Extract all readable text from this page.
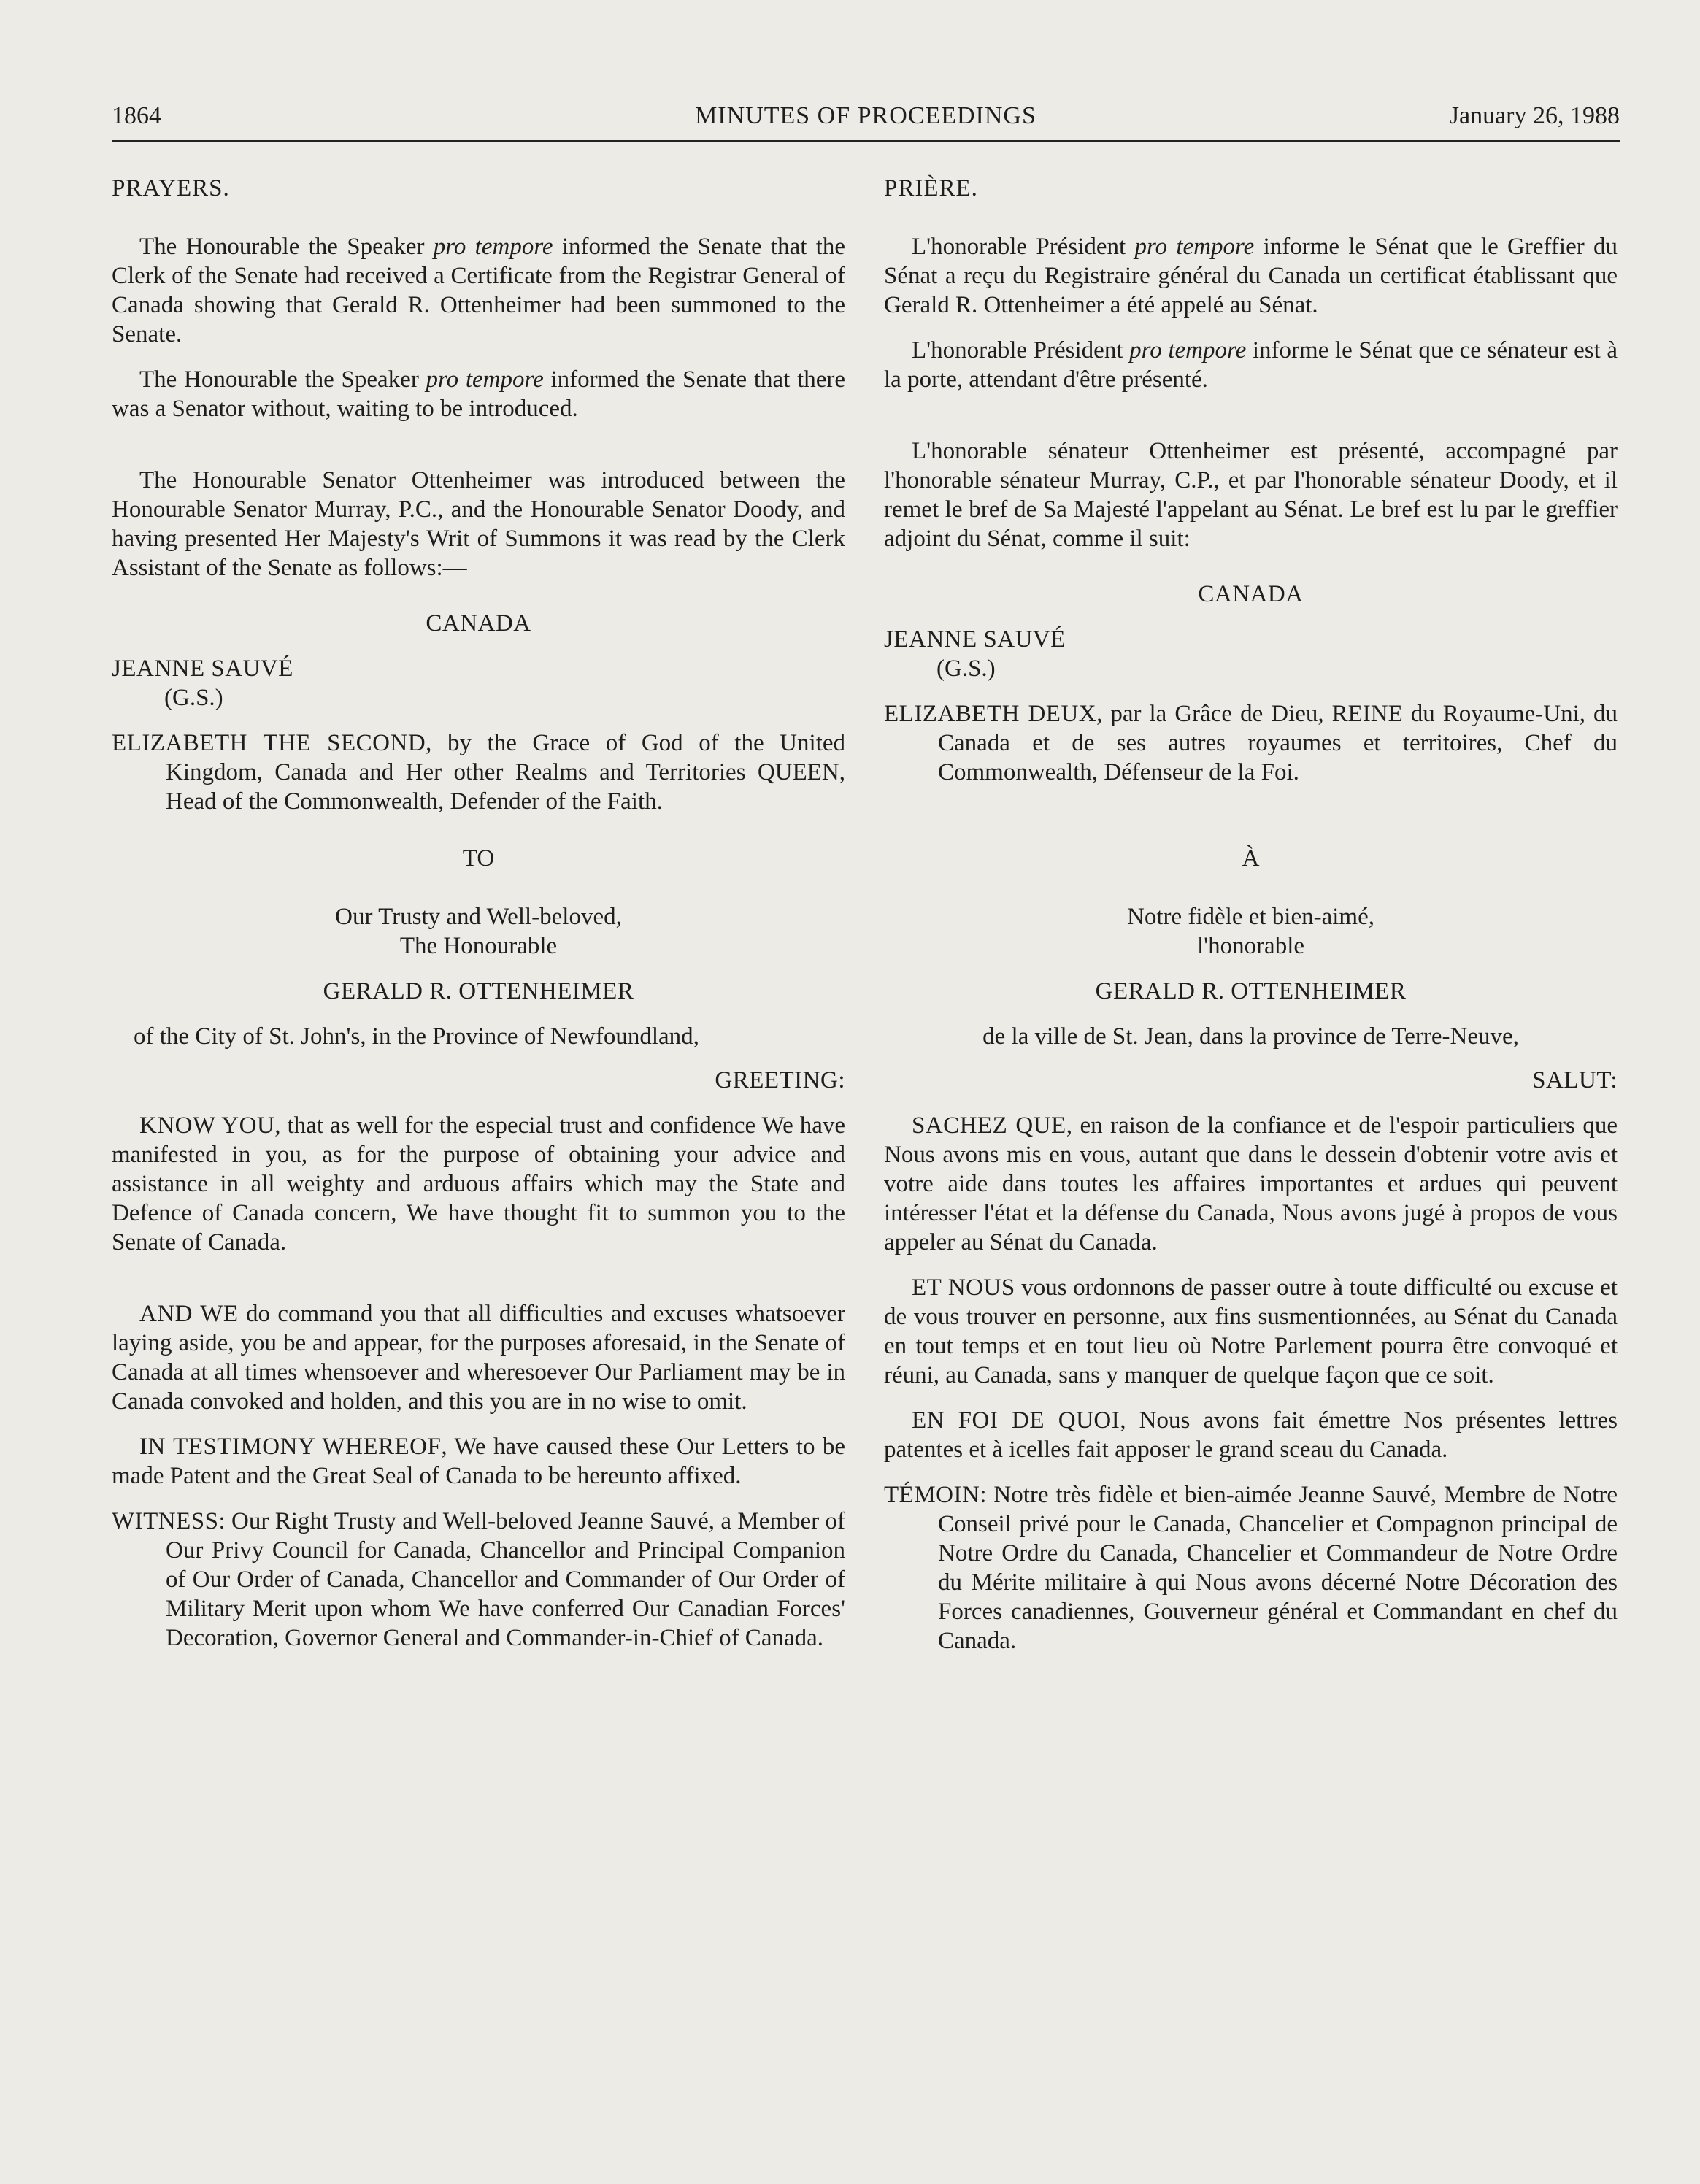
1864	MINUTES OF PROCEEDINGS	January 26, 1988

PRAYERS.

The Honourable the Speaker pro tempore informed the Senate that the Clerk of the Senate had received a Certificate from the Registrar General of Canada showing that Gerald R. Ottenheimer had been summoned to the Senate.

The Honourable the Speaker pro tempore informed the Senate that there was a Senator without, waiting to be introduced.

The Honourable Senator Ottenheimer was introduced between the Honourable Senator Murray, P.C., and the Honourable Senator Doody, and having presented Her Majesty's Writ of Summons it was read by the Clerk Assistant of the Senate as follows:—

CANADA

JEANNE SAUVÉ

(G.S.)

ELIZABETH THE SECOND, by the Grace of God of the United Kingdom, Canada and Her other Realms and Territories QUEEN, Head of the Commonwealth, Defender of the Faith.

TO

Our Trusty and Well-beloved,

The Honourable

GERALD R. OTTENHEIMER

of the City of St. John's, in the Province of Newfoundland,

GREETING:

KNOW YOU, that as well for the especial trust and confidence We have manifested in you, as for the purpose of obtaining your advice and assistance in all weighty and arduous affairs which may the State and Defence of Canada concern, We have thought fit to summon you to the Senate of Canada.

AND WE do command you that all difficulties and excuses whatsoever laying aside, you be and appear, for the purposes aforesaid, in the Senate of Canada at all times whensoever and wheresoever Our Parliament may be in Canada convoked and holden, and this you are in no wise to omit.

IN TESTIMONY WHEREOF, We have caused these Our Letters to be made Patent and the Great Seal of Canada to be hereunto affixed.

WITNESS: Our Right Trusty and Well-beloved Jeanne Sauvé, a Member of Our Privy Council for Canada, Chancellor and Principal Companion of Our Order of Canada, Chancellor and Commander of Our Order of Military Merit upon whom We have conferred Our Canadian Forces' Decoration, Governor General and Commander-in-Chief of Canada.

PRIÈRE.

L'honorable Président pro tempore informe le Sénat que le Greffier du Sénat a reçu du Registraire général du Canada un certificat établissant que Gerald R. Ottenheimer a été appelé au Sénat.

L'honorable Président pro tempore informe le Sénat que ce sénateur est à la porte, attendant d'être présenté.

L'honorable sénateur Ottenheimer est présenté, accompagné par l'honorable sénateur Murray, C.P., et par l'honorable sénateur Doody, et il remet le bref de Sa Majesté l'appelant au Sénat. Le bref est lu par le greffier adjoint du Sénat, comme il suit:

CANADA

JEANNE SAUVÉ

(G.S.)

ELIZABETH DEUX, par la Grâce de Dieu, REINE du Royaume-Uni, du Canada et de ses autres royaumes et territoires, Chef du Commonwealth, Défenseur de la Foi.

À

Notre fidèle et bien-aimé,

l'honorable

GERALD R. OTTENHEIMER

de la ville de St. Jean, dans la province de Terre-Neuve,

SALUT:

SACHEZ QUE, en raison de la confiance et de l'espoir particuliers que Nous avons mis en vous, autant que dans le dessein d'obtenir votre avis et votre aide dans toutes les affaires importantes et ardues qui peuvent intéresser l'état et la défense du Canada, Nous avons jugé à propos de vous appeler au Sénat du Canada.

ET NOUS vous ordonnons de passer outre à toute difficulté ou excuse et de vous trouver en personne, aux fins susmentionnées, au Sénat du Canada en tout temps et en tout lieu où Notre Parlement pourra être convoqué et réuni, au Canada, sans y manquer de quelque façon que ce soit.

EN FOI DE QUOI, Nous avons fait émettre Nos présentes lettres patentes et à icelles fait apposer le grand sceau du Canada.

TÉMOIN: Notre très fidèle et bien-aimée Jeanne Sauvé, Membre de Notre Conseil privé pour le Canada, Chancelier et Compagnon principal de Notre Ordre du Canada, Chancelier et Commandeur de Notre Ordre du Mérite militaire à qui Nous avons décerné Notre Décoration des Forces canadiennes, Gouverneur général et Commandant en chef du Canada.
